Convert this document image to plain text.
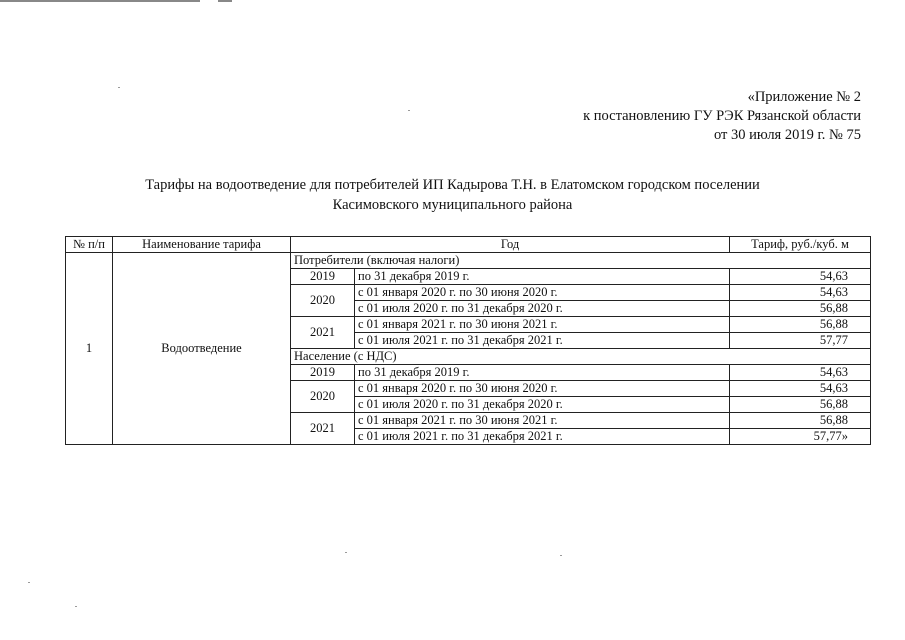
«Приложение № 2
к постановлению ГУ РЭК Рязанской области
от 30 июля 2019 г. № 75
Тарифы на водоотведение для потребителей ИП Кадырова Т.Н. в Елатомском городском поселении
Касимовского муниципального района
№ п/п	Наименование тарифа	Год		Тариф, руб./куб. м
1	Водоотведение	Потребители (включая налоги)		
		2019	по 31 декабря 2019 г.	54,63
		2020	с 01 января 2020 г. по 30 июня 2020 г.	54,63
			с 01 июля 2020 г. по 31 декабря 2020 г.	56,88
		2021	с 01 января 2021 г. по 30 июня 2021 г.	56,88
			с 01 июля 2021 г. по 31 декабря 2021 г.	57,77
		Население (с НДС)		
		2019	по 31 декабря 2019 г.	54,63
		2020	с 01 января 2020 г. по 30 июня 2020 г.	54,63
			с 01 июля 2020 г. по 31 декабря 2020 г.	56,88
		2021	с 01 января 2021 г. по 30 июня 2021 г.	56,88
			с 01 июля 2021 г. по 31 декабря 2021 г.	57,77»
